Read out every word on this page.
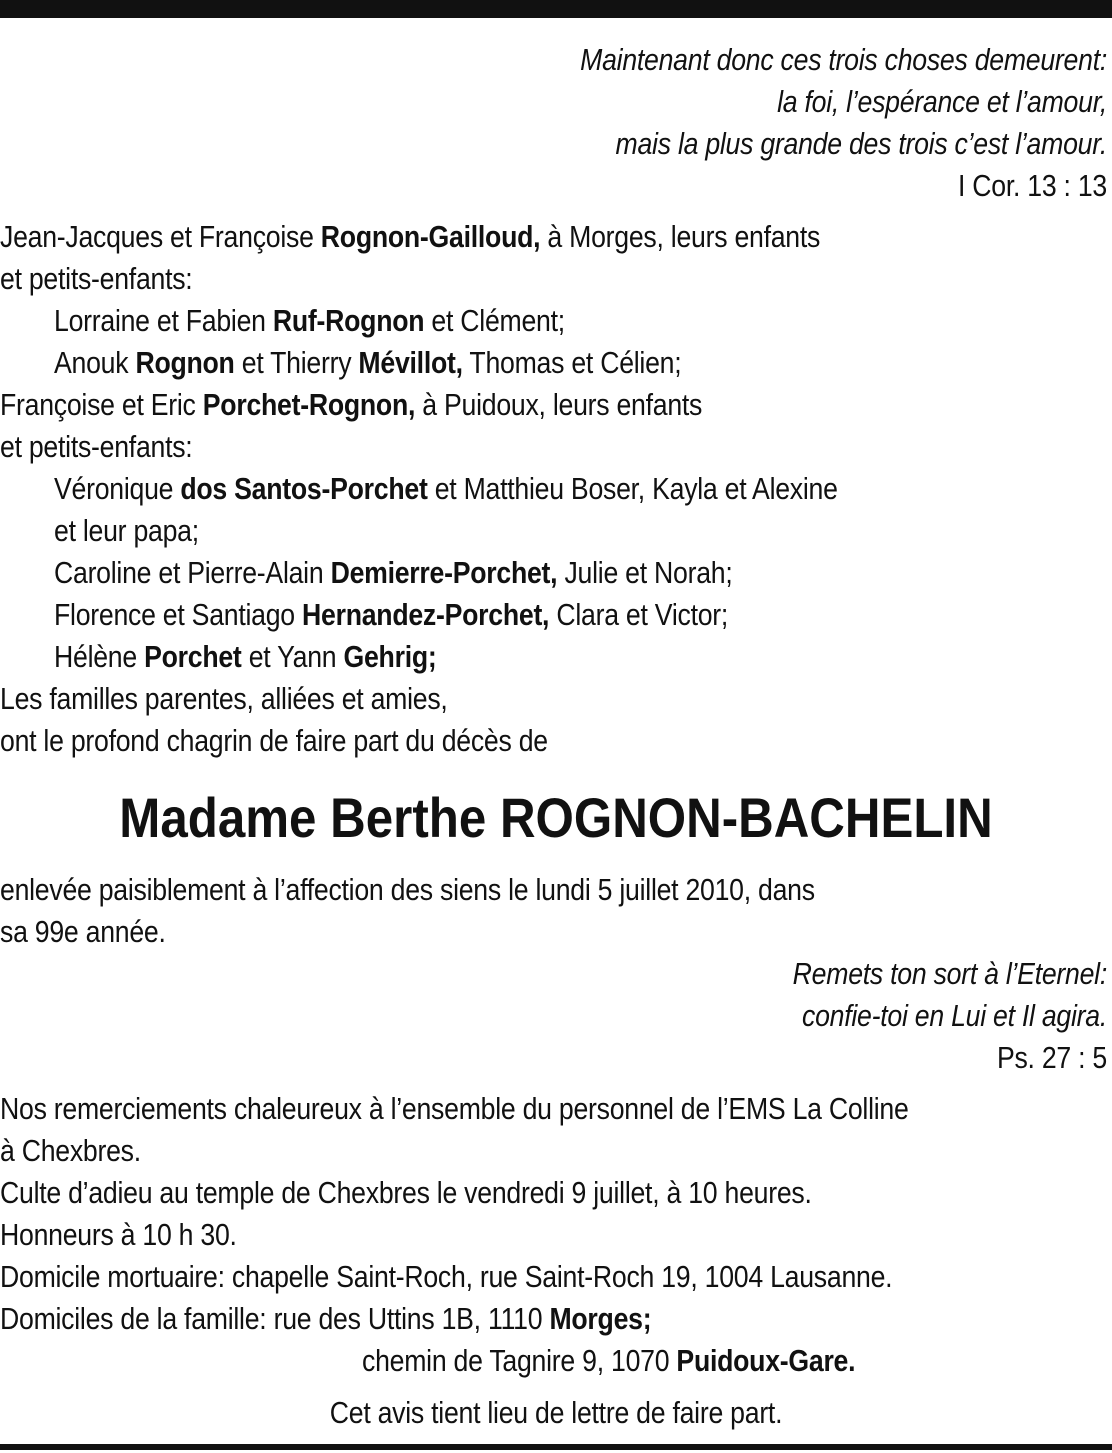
Maintenant donc ces trois choses demeurent:
la foi, l’espérance et l’amour,
mais la plus grande des trois c’est l’amour.
I Cor. 13 : 13
Jean-Jacques et Françoise Rognon-Gailloud, à Morges, leurs enfants
et petits-enfants:
Lorraine et Fabien Ruf-Rognon et Clément;
Anouk Rognon et Thierry Mévillot, Thomas et Célien;
Françoise et Eric Porchet-Rognon, à Puidoux, leurs enfants
et petits-enfants:
Véronique dos Santos-Porchet et Matthieu Boser, Kayla et Alexine
et leur papa;
Caroline et Pierre-Alain Demierre-Porchet, Julie et Norah;
Florence et Santiago Hernandez-Porchet, Clara et Victor;
Hélène Porchet et Yann Gehrig;
Les familles parentes, alliées et amies,
ont le profond chagrin de faire part du décès de
Madame Berthe ROGNON-BACHELIN
enlevée paisiblement à l’affection des siens le lundi 5 juillet 2010, dans
sa 99e année.
Remets ton sort à l’Eternel:
confie-toi en Lui et Il agira.
Ps. 27 : 5
Nos remerciements chaleureux à l’ensemble du personnel de l’EMS La Colline
à Chexbres.
Culte d’adieu au temple de Chexbres le vendredi 9 juillet, à 10 heures.
Honneurs à 10 h 30.
Domicile mortuaire: chapelle Saint-Roch, rue Saint-Roch 19, 1004 Lausanne.
Domiciles de la famille: rue des Uttins 1B, 1110 Morges;
chemin de Tagnire 9, 1070 Puidoux-Gare.
Cet avis tient lieu de lettre de faire part.
